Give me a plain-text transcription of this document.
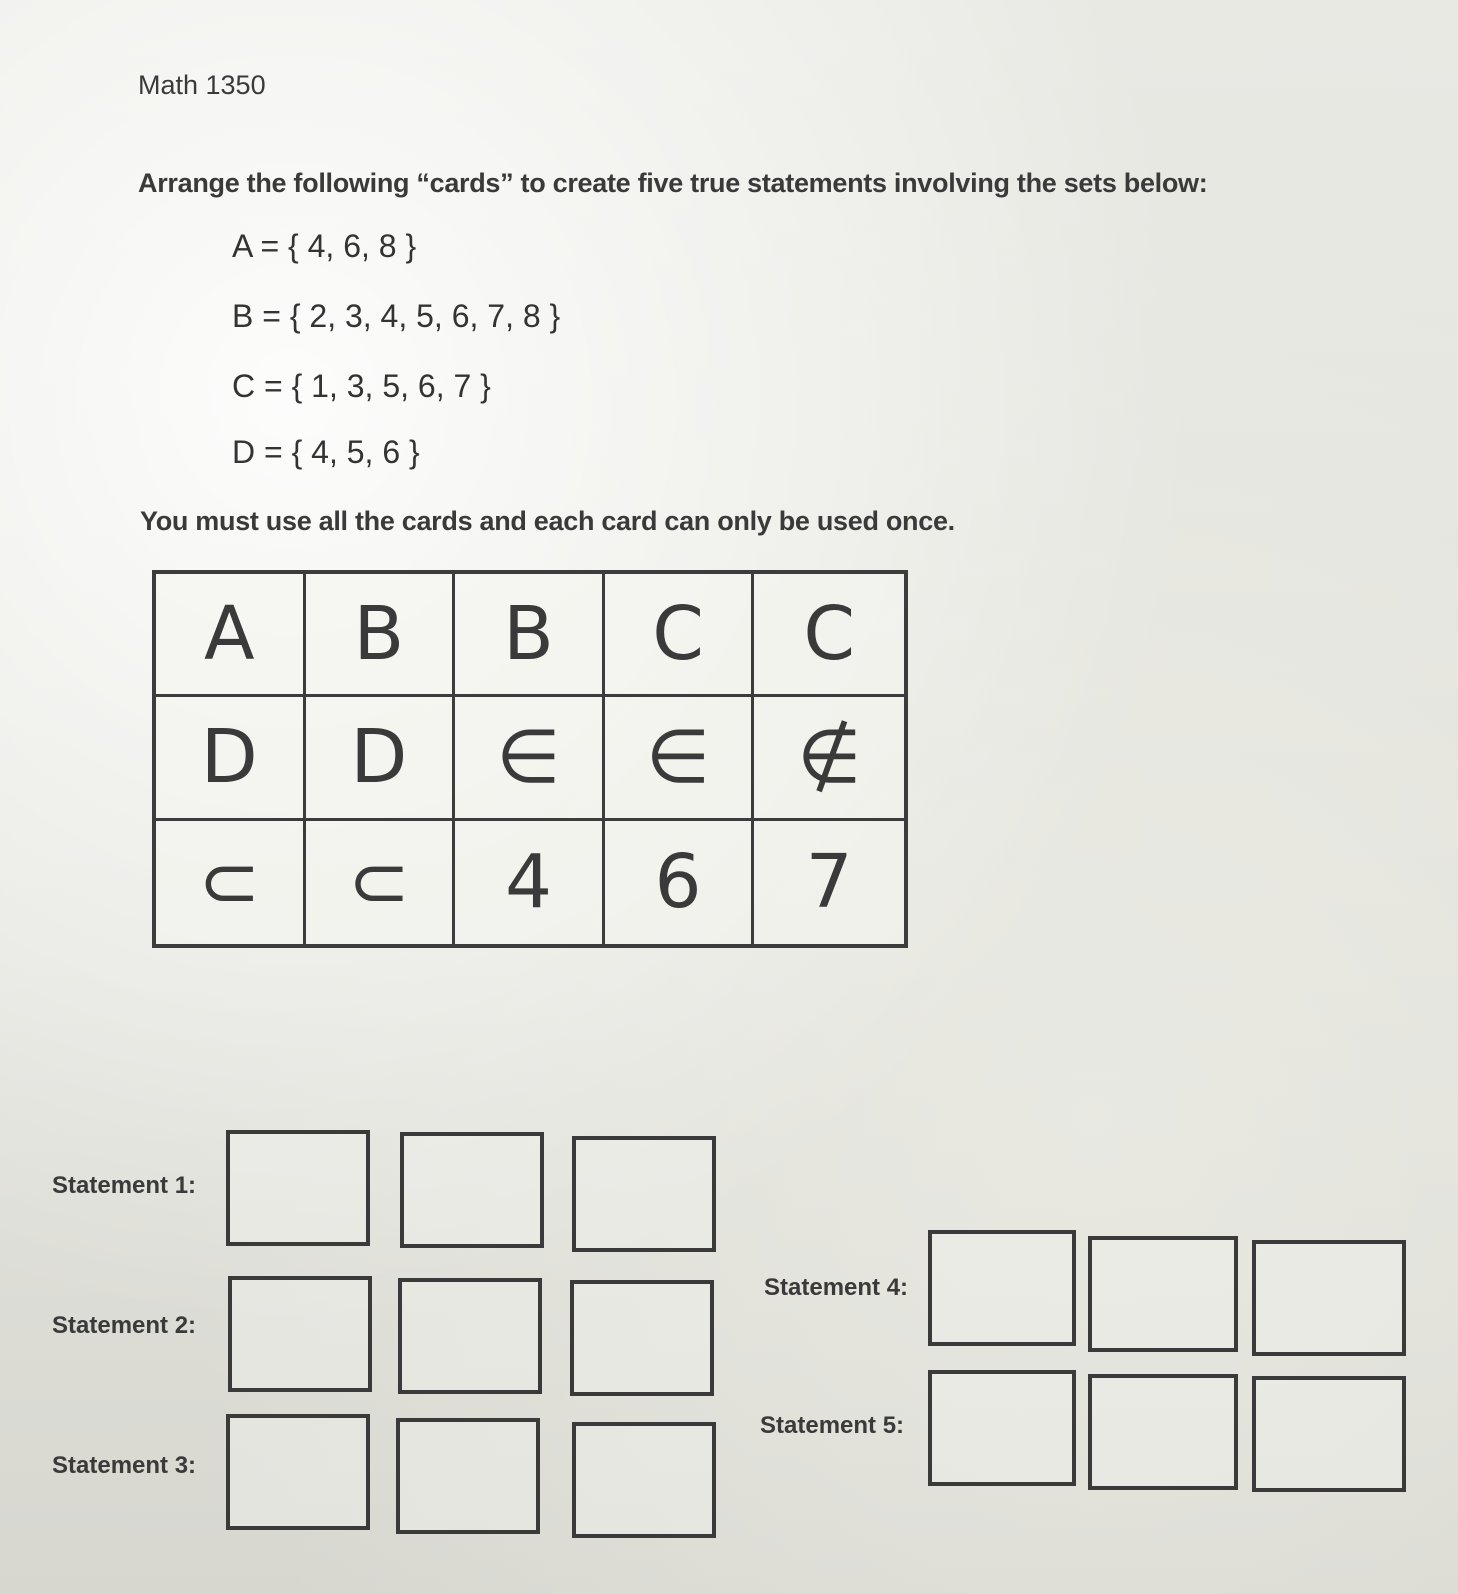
Math 1350
Arrange the following “cards” to create five true statements involving the sets below:
A = { 4, 6, 8 }
B = { 2, 3, 4, 5, 6, 7, 8 }
C = { 1, 3, 5, 6, 7 }
D = { 4, 5, 6 }
You must use all the cards and each card can only be used once.
A	B	B	C	C
D	D	∈	∈	∉
⊂	⊂	4	6	7
Statement 1:
Statement 2:
Statement 3:
Statement 4:
Statement 5:
